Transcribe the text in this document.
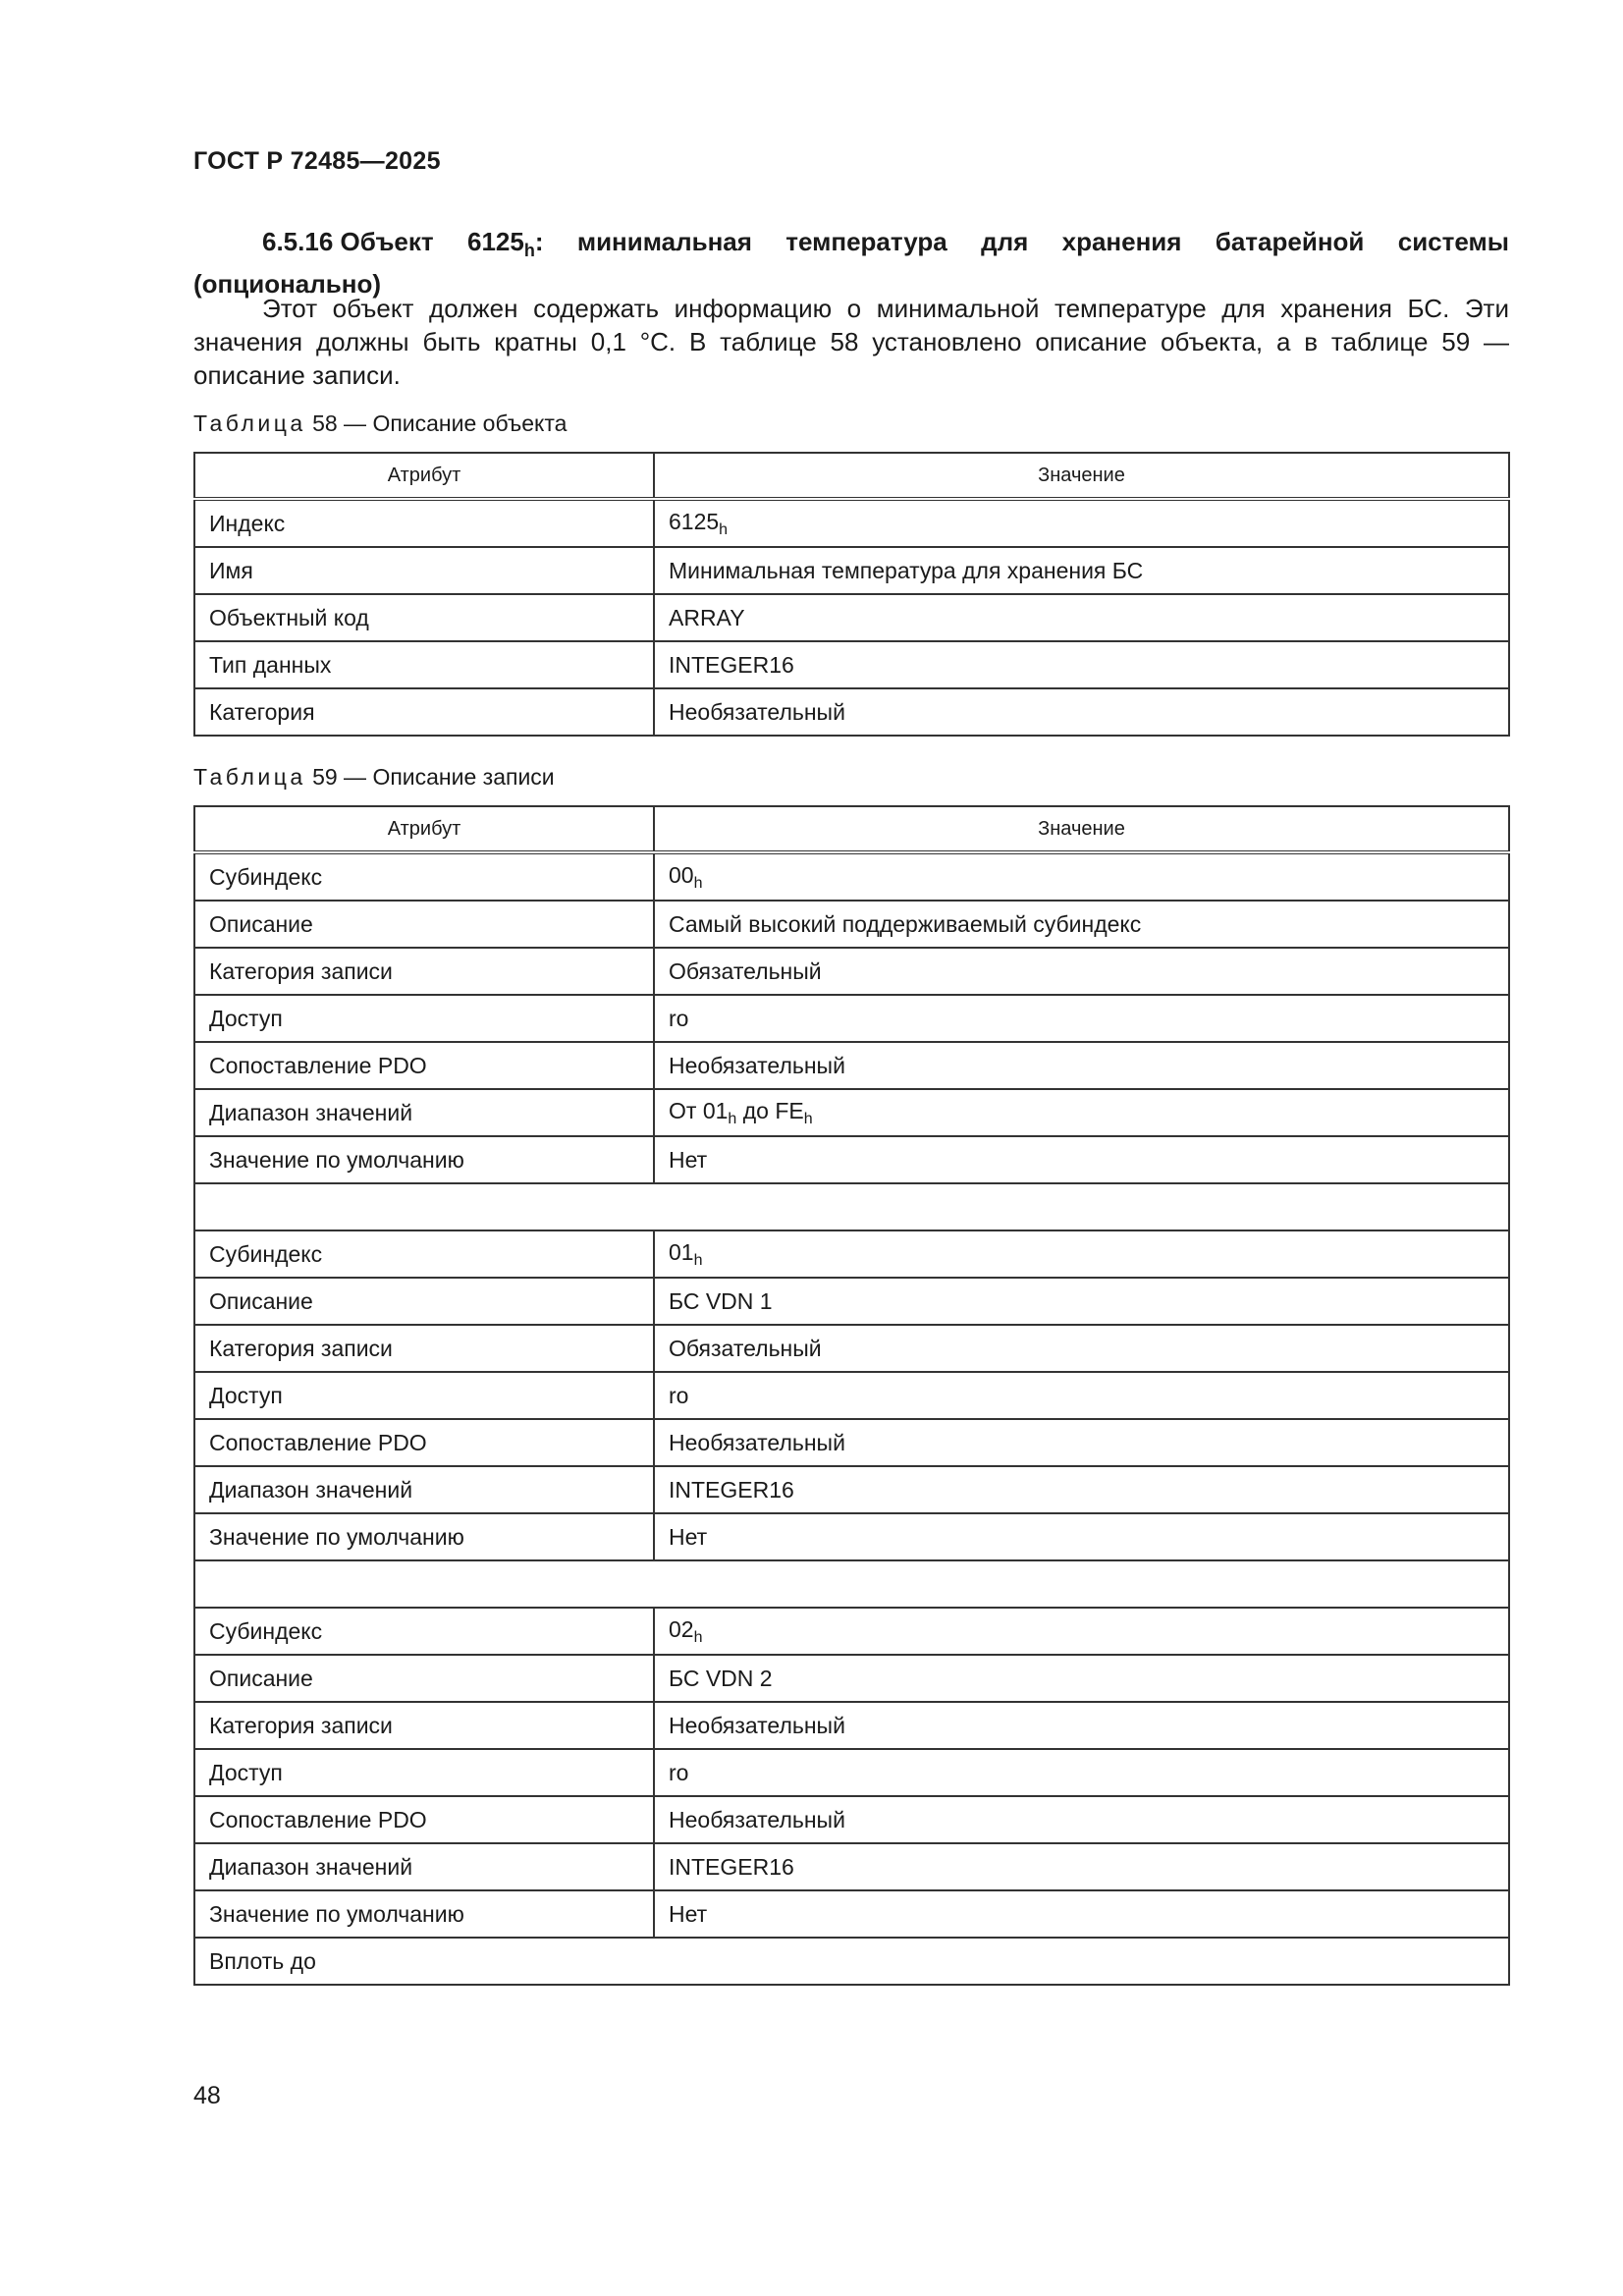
ГОСТ Р 72485—2025
6.5.16 Объект $6125_h$: минимальная температура для хранения батарейной системы
(опционально)
Этот объект должен содержать информацию о минимальной температуре для хранения БС. Эти значения должны быть кратны 0,1 °С. В таблице 58 установлено описание объекта, а в таблице 59 — описание записи.
Таблица 58 — Описание объекта
Атрибут	Значение
Индекс	$6125_h$
Имя	Минимальная температура для хранения БС
Объектный код	ARRAY
Тип данных	INTEGER16
Категория	Необязательный
Таблица 59 — Описание записи
Атрибут	Значение
Субиндекс	$00_h$
Описание	Самый высокий поддерживаемый субиндекс
Категория записи	Обязательный
Доступ	ro
Сопоставление PDO	Необязательный
Диапазон значений	От $01_h$ до $FE_h$
Значение по умолчанию	Нет

Субиндекс	$01_h$
Описание	БС VDN 1
Категория записи	Обязательный
Доступ	ro
Сопоставление PDO	Необязательный
Диапазон значений	INTEGER16
Значение по умолчанию	Нет

Субиндекс	$02_h$
Описание	БС VDN 2
Категория записи	Необязательный
Доступ	ro
Сопоставление PDO	Необязательный
Диапазон значений	INTEGER16
Значение по умолчанию	Нет
Вплоть до	
48
